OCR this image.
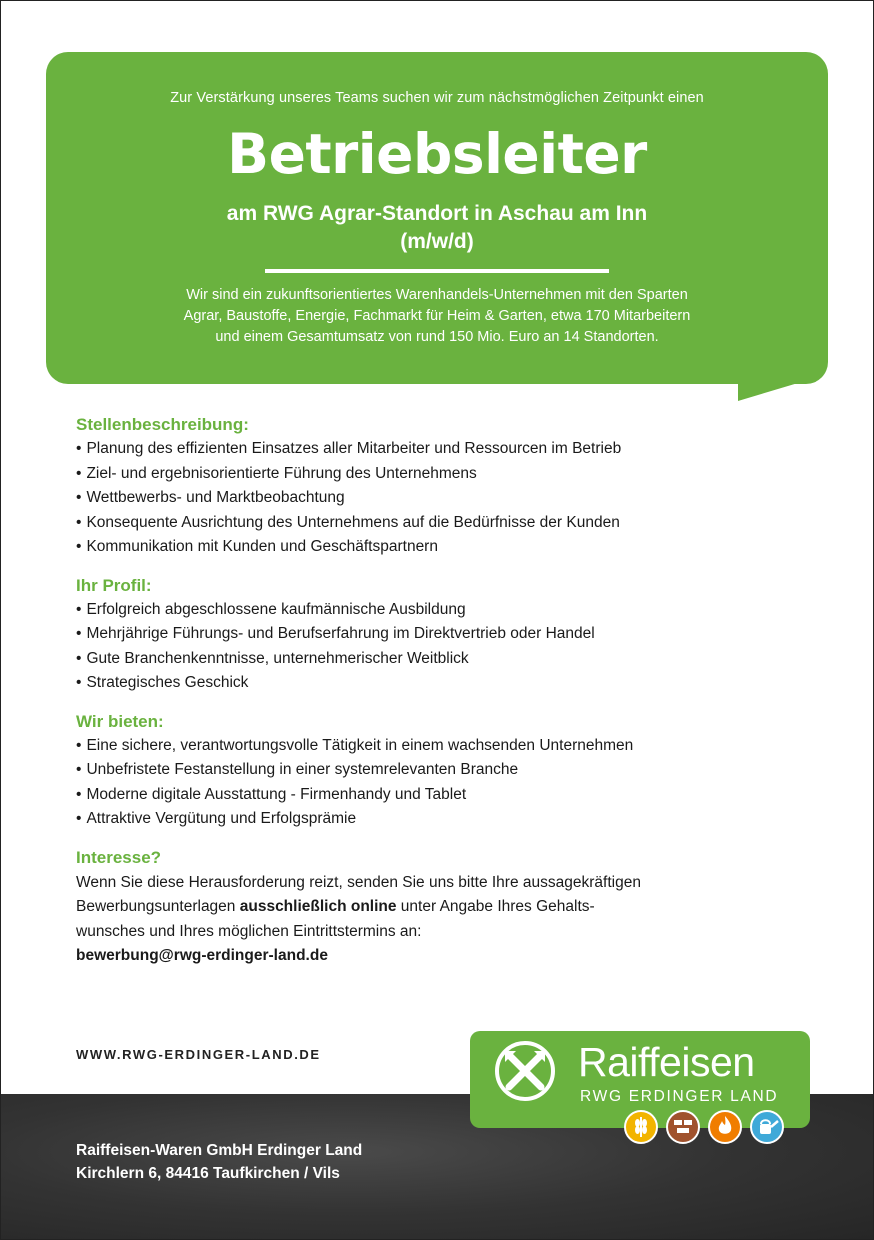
Zur Verstärkung unseres Teams suchen wir zum nächstmöglichen Zeitpunkt einen
Betriebsleiter
am RWG Agrar-Standort in Aschau am Inn
(m/w/d)
Wir sind ein zukunftsorientiertes Warenhandels-Unternehmen mit den Sparten
Agrar, Baustoffe, Energie, Fachmarkt für Heim & Garten, etwa 170 Mitarbeitern
und einem Gesamtumsatz von rund 150 Mio. Euro an 14 Standorten.
Stellenbeschreibung:
• Planung des effizienten Einsatzes aller Mitarbeiter und Ressourcen im Betrieb
• Ziel- und ergebnisorientierte Führung des Unternehmens
• Wettbewerbs- und Marktbeobachtung
• Konsequente Ausrichtung des Unternehmens auf die Bedürfnisse der Kunden
• Kommunikation mit Kunden und Geschäftspartnern
Ihr Profil:
• Erfolgreich abgeschlossene kaufmännische Ausbildung
• Mehrjährige Führungs- und Berufserfahrung im Direktvertrieb oder Handel
• Gute Branchenkenntnisse, unternehmerischer Weitblick
• Strategisches Geschick
Wir bieten:
• Eine sichere, verantwortungsvolle Tätigkeit in einem wachsenden Unternehmen
• Unbefristete Festanstellung in einer systemrelevanten Branche
• Moderne digitale Ausstattung - Firmenhandy und Tablet
• Attraktive Vergütung und Erfolgsprämie
Interesse?
Wenn Sie diese Herausforderung reizt, senden Sie uns bitte Ihre aussagekräftigen
Bewerbungsunterlagen ausschließlich online unter Angabe Ihres Gehalts-
wunsches und Ihres möglichen Eintrittstermins an:
bewerbung@rwg-erdinger-land.de
WWW.RWG-ERDINGER-LAND.DE
Raiffeisen-Waren GmbH Erdinger Land
Kirchlern 6, 84416 Taufkirchen / Vils
Raiffeisen
RWG ERDINGER LAND
